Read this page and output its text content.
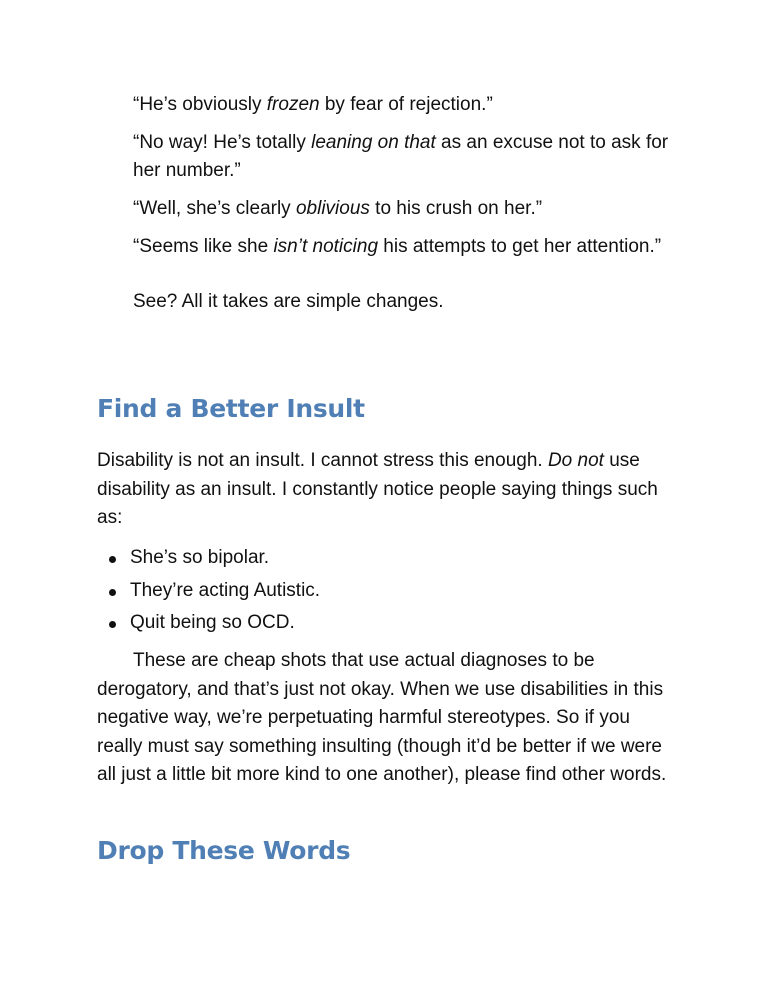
“He’s obviously frozen by fear of rejection.”

“No way! He’s totally leaning on that as an excuse not to ask for her number.”

“Well, she’s clearly oblivious to his crush on her.”

“Seems like she isn’t noticing his attempts to get her attention.”

See? All it takes are simple changes.

Find a Better Insult

Disability is not an insult. I cannot stress this enough. Do not use disability as an insult. I constantly notice people saying things such as:

She’s so bipolar.
They’re acting Autistic.
Quit being so OCD.

These are cheap shots that use actual diagnoses to be derogatory, and that’s just not okay. When we use disabilities in this negative way, we’re perpetuating harmful stereotypes. So if you really must say something insulting (though it’d be better if we were all just a little bit more kind to one another), please find other words.

Drop These Words
